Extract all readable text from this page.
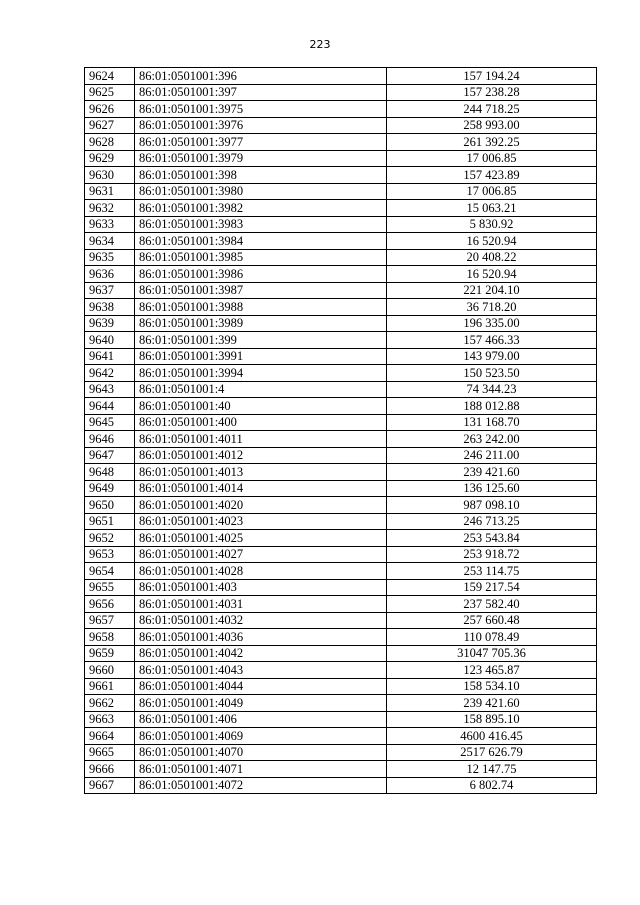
223
9624	86:01:0501001:396	157 194.24
9625	86:01:0501001:397	157 238.28
9626	86:01:0501001:3975	244 718.25
9627	86:01:0501001:3976	258 993.00
9628	86:01:0501001:3977	261 392.25
9629	86:01:0501001:3979	17 006.85
9630	86:01:0501001:398	157 423.89
9631	86:01:0501001:3980	17 006.85
9632	86:01:0501001:3982	15 063.21
9633	86:01:0501001:3983	5 830.92
9634	86:01:0501001:3984	16 520.94
9635	86:01:0501001:3985	20 408.22
9636	86:01:0501001:3986	16 520.94
9637	86:01:0501001:3987	221 204.10
9638	86:01:0501001:3988	36 718.20
9639	86:01:0501001:3989	196 335.00
9640	86:01:0501001:399	157 466.33
9641	86:01:0501001:3991	143 979.00
9642	86:01:0501001:3994	150 523.50
9643	86:01:0501001:4	74 344.23
9644	86:01:0501001:40	188 012.88
9645	86:01:0501001:400	131 168.70
9646	86:01:0501001:4011	263 242.00
9647	86:01:0501001:4012	246 211.00
9648	86:01:0501001:4013	239 421.60
9649	86:01:0501001:4014	136 125.60
9650	86:01:0501001:4020	987 098.10
9651	86:01:0501001:4023	246 713.25
9652	86:01:0501001:4025	253 543.84
9653	86:01:0501001:4027	253 918.72
9654	86:01:0501001:4028	253 114.75
9655	86:01:0501001:403	159 217.54
9656	86:01:0501001:4031	237 582.40
9657	86:01:0501001:4032	257 660.48
9658	86:01:0501001:4036	110 078.49
9659	86:01:0501001:4042	31047 705.36
9660	86:01:0501001:4043	123 465.87
9661	86:01:0501001:4044	158 534.10
9662	86:01:0501001:4049	239 421.60
9663	86:01:0501001:406	158 895.10
9664	86:01:0501001:4069	4600 416.45
9665	86:01:0501001:4070	2517 626.79
9666	86:01:0501001:4071	12 147.75
9667	86:01:0501001:4072	6 802.74
